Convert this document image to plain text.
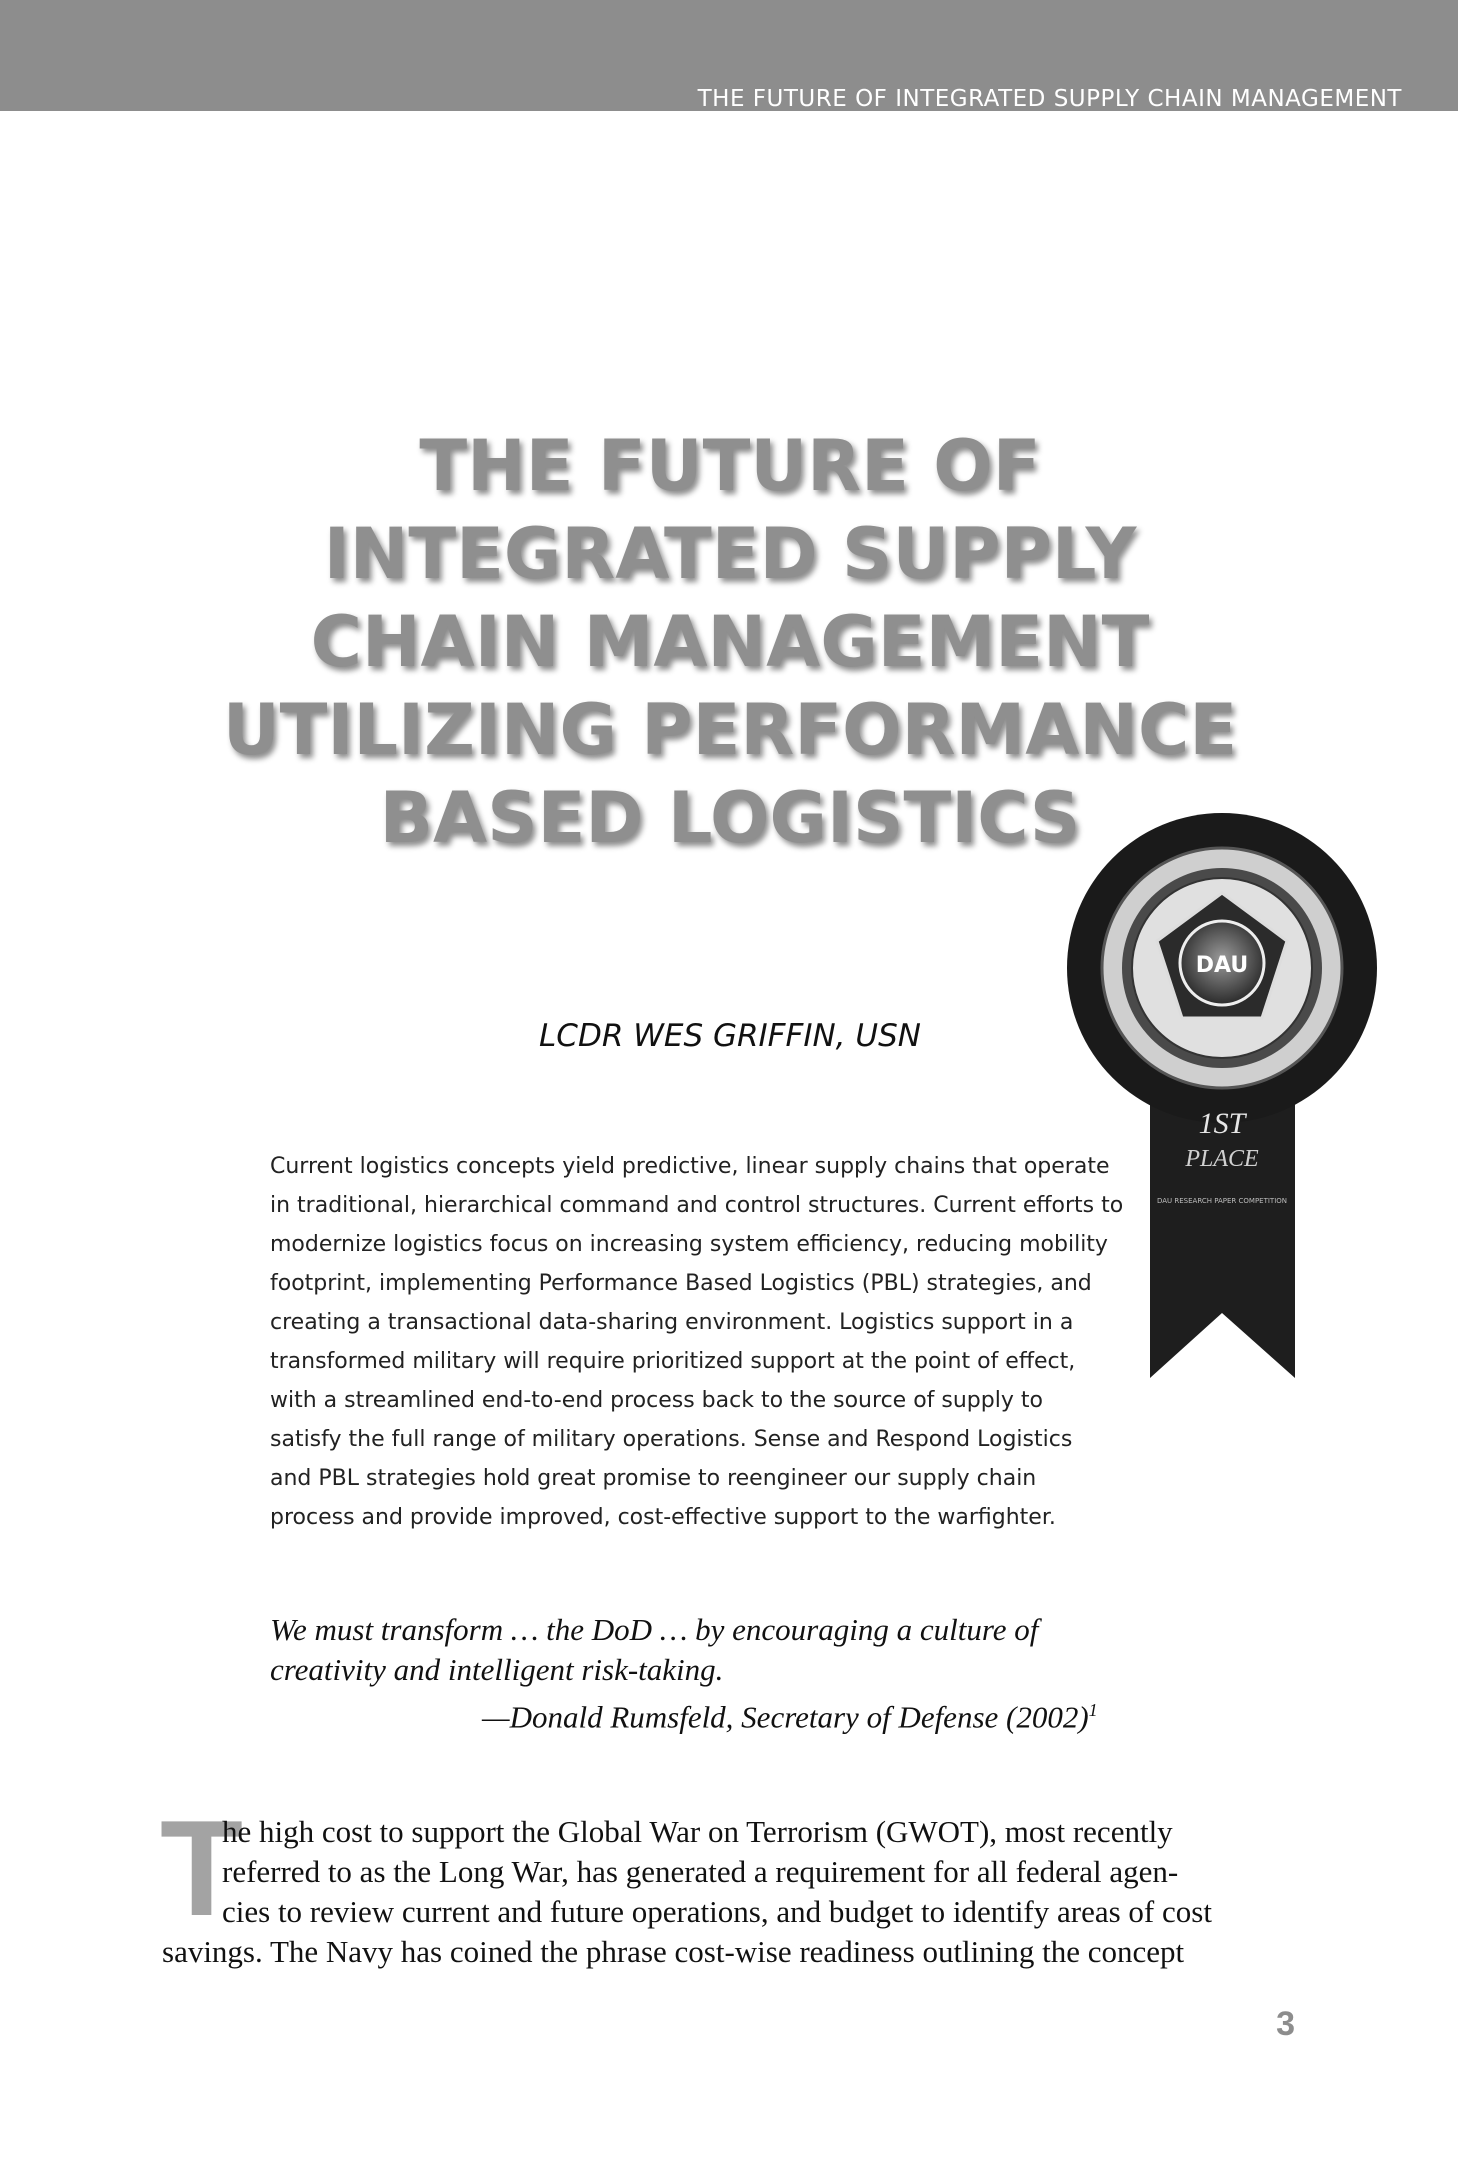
THE FUTURE OF INTEGRATED SUPPLY CHAIN MANAGEMENT
THE FUTURE OF
INTEGRATED SUPPLY
CHAIN MANAGEMENT
UTILIZING PERFORMANCE
BASED LOGISTICS
DAU
1ST
PLACE
DAU RESEARCH PAPER COMPETITION

LCDR WES GRIFFIN, USN

Current logistics concepts yield predictive, linear supply chains that operate
in traditional, hierarchical command and control structures. Current efforts to
modernize logistics focus on increasing system efficiency, reducing mobility
footprint, implementing Performance Based Logistics (PBL) strategies, and
creating a transactional data-sharing environment. Logistics support in a
transformed military will require prioritized support at the point of effect,
with a streamlined end-to-end process back to the source of supply to
satisfy the full range of military operations. Sense and Respond Logistics
and PBL strategies hold great promise to reengineer our supply chain
process and provide improved, cost-effective support to the warfighter.
We must transform … the DoD … by encouraging a culture of
creativity and intelligent risk-taking.
—Donald Rumsfeld, Secretary of Defense $(2002)^1$
T
he high cost to support the Global War on Terrorism (GWOT), most recently
referred to as the Long War, has generated a requirement for all federal agen-
cies to review current and future operations, and budget to identify areas of cost
savings. The Navy has coined the phrase cost-wise readiness outlining the concept
3
